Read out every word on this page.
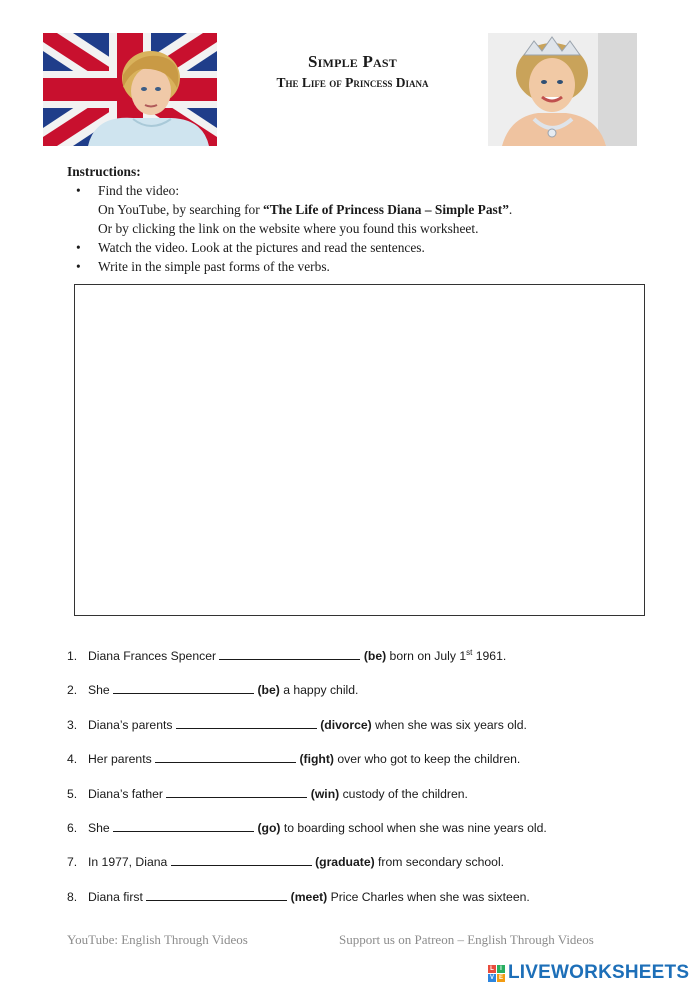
Simple Past
The Life of Princess Diana
Instructions:
• Find the video:
On YouTube, by searching for “The Life of Princess Diana – Simple Past”.
Or by clicking the link on the website where you found this worksheet.
• Watch the video. Look at the pictures and read the sentences.
• Write in the simple past forms of the verbs.
1. Diana Frances Spencer	(be) born on July 1st 1961.
2. She	(be) a happy child.
3. Diana’s parents	(divorce) when she was six years old.
4. Her parents	(fight) over who got to keep the children.
5. Diana’s father	(win) custody of the children.
6. She	(go) to boarding school when she was nine years old.
7. In 1977, Diana	(graduate) from secondary school.
8. Diana first	(meet) Price Charles when she was sixteen.
YouTube: English Through Videos	Support us on Patreon – English Through Videos
L	I
V E LIVEWORKSHEETS
